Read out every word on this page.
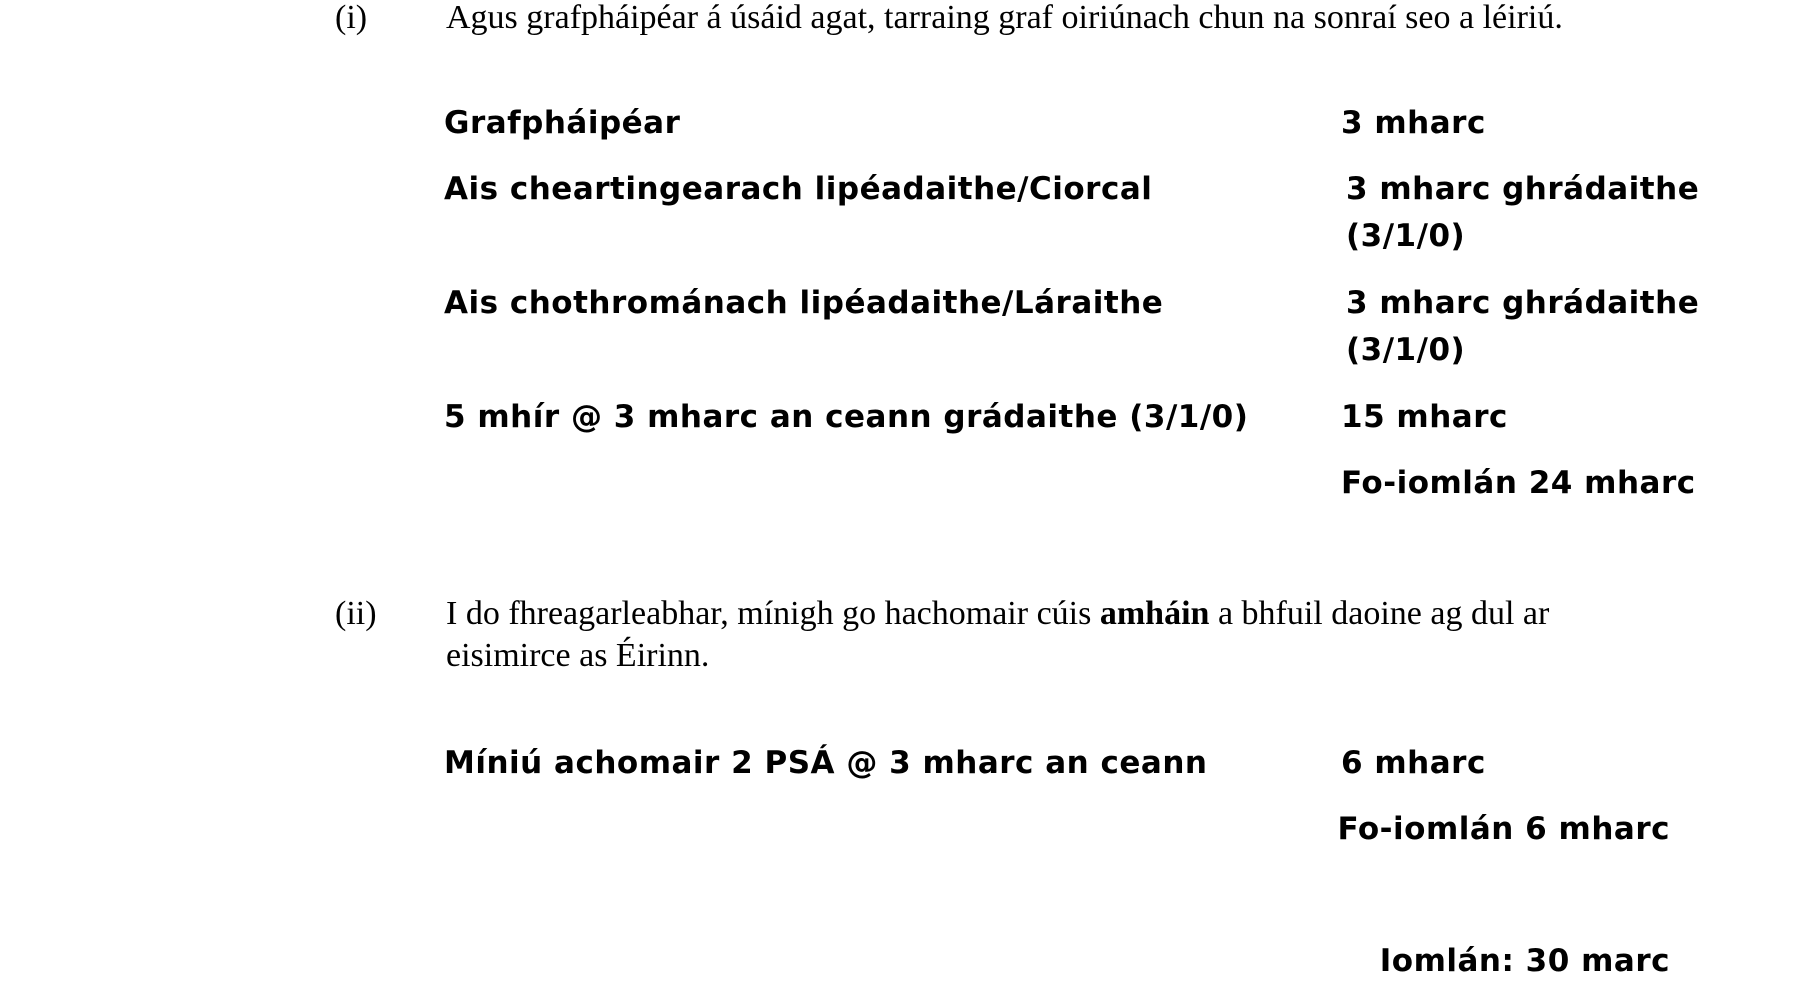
(i) Agus grafpháipéar á úsáid agat, tarraing graf oiriúnach chun na sonraí seo a léiriú.
Grafpháipéar	3 mharc
Ais cheartingearach lipéadaithe/Ciorcal	3 mharc ghrádaithe
(3/1/0)
Ais chothrománach lipéadaithe/Láraithe	3 mharc ghrádaithe
(3/1/0)
5 mhír @ 3 mharc an ceann grádaithe (3/1/0)	15 mharc
Fo-iomlán 24 mharc
(ii) I do fhreagarleabhar, mínigh go hachomair cúis amháin a bhfuil daoine ag dul ar
eisimirce as Éirinn.
Míniú achomair 2 PSÁ @ 3 mharc an ceann	6 mharc
Fo-iomlán 6 mharc
Iomlán: 30 marc
